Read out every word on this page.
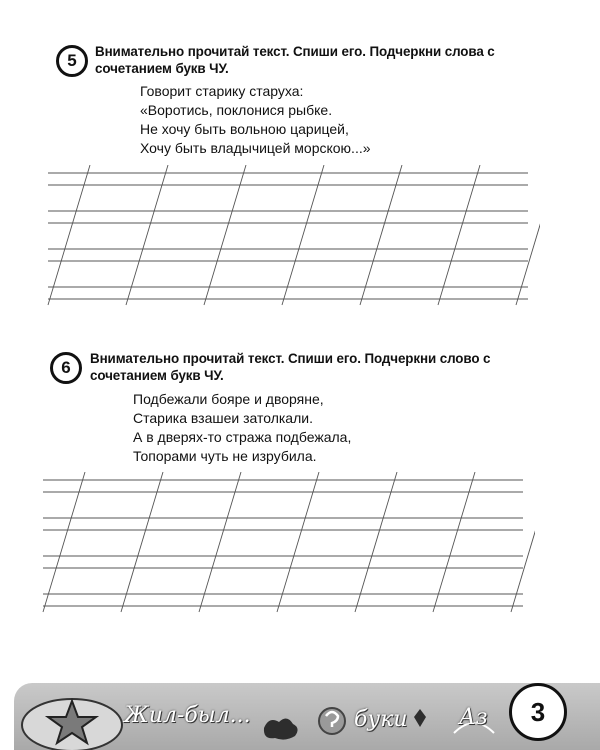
5	Внимательно прочитай текст. Спиши его. Подчеркни слова с сочетанием букв ЧУ.
Говорит старику старуха:
«Воротись, поклонися рыбке.
Не хочу быть вольною царицей,
Хочу быть владычицей морскою...»
6	Внимательно прочитай текст. Спиши его. Подчеркни слово с сочетанием букв ЧУ.
Подбежали бояре и дворяне,
Старика взашеи затолкали.
А в дверях-то стража подбежала,
Топорами чуть не изрубила.
Жил-был...	буки Аз	3
